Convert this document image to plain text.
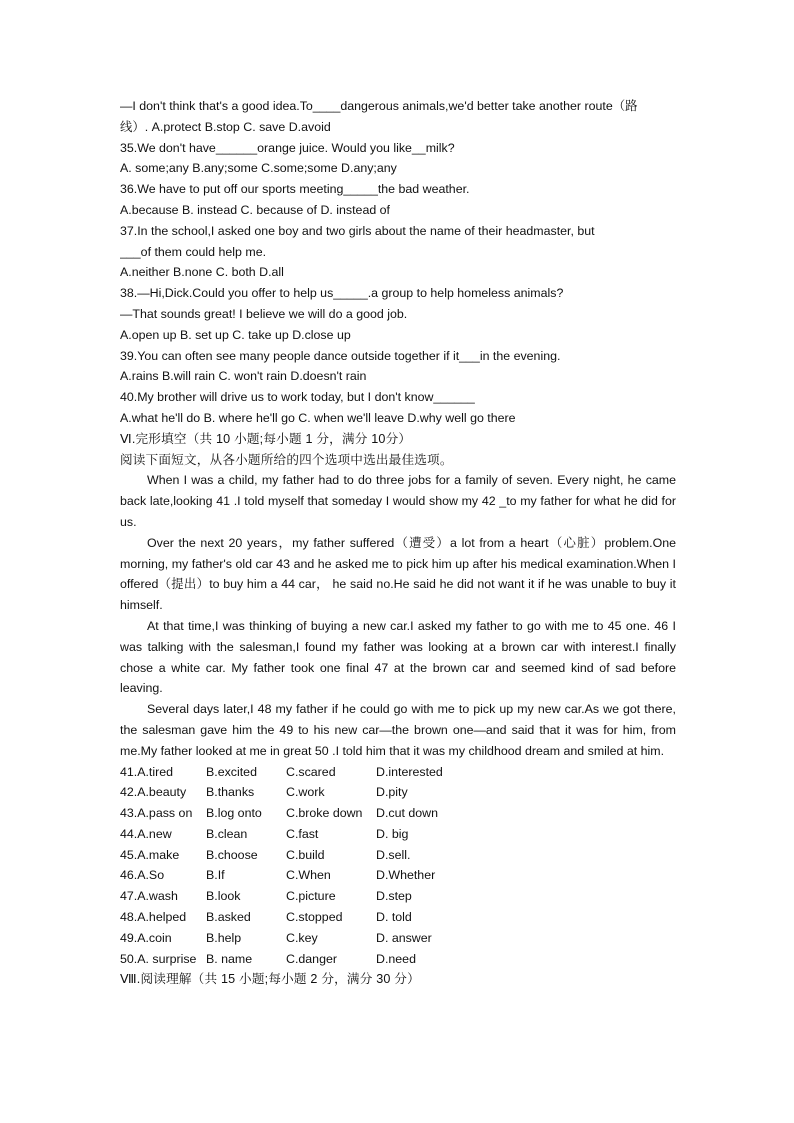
—I don't think that's a good idea.To____dangerous animals,we'd better take another route（路
线）. A.protect B.stop C. save D.avoid
35.We don't have______orange juice. Would you like__milk?
A. some;any B.any;some C.some;some D.any;any
36.We have to put off our sports meeting_____the bad weather.
A.because B. instead C. because of D. instead of
37.In the school,I asked one boy and two girls about the name of their headmaster, but
___of them could help me.
A.neither B.none C. both D.all
38.—Hi,Dick.Could you offer to help us_____.a group to help homeless animals?
—That sounds great! I believe we will do a good job.
A.open up B. set up C. take up D.close up
39.You can often see many people dance outside together if it___in the evening.
A.rains B.will rain C. won't rain D.doesn't rain
40.My brother will drive us to work today, but I don't know______
A.what he'll do B. where he'll go C. when we'll leave D.why well go there
Ⅵ.完形填空（共 10 小题;每小题 1 分，满分 10分）
阅读下面短文，从各小题所给的四个选项中选出最佳选项。
When I was a child, my father had to do three jobs for a family of seven. Every night, he came back late,looking 41 .I told myself that someday I would show my 42 _to my father for what he did for us.
Over the next 20 years，my father suffered（遭受）a lot from a heart（心脏）problem.One morning, my father's old car 43 and he asked me to pick him up after his medical examination.When I offered（提出）to buy him a 44 car， he said no.He said he did not want it if he was unable to buy it himself.
At that time,I was thinking of buying a new car.I asked my father to go with me to 45 one. 46 I was talking with the salesman,I found my father was looking at a brown car with interest.I finally chose a white car. My father took one final 47 at the brown car and seemed kind of sad before leaving.
Several days later,I 48 my father if he could go with me to pick up my new car.As we got there, the salesman gave him the 49 to his new car—the brown one—and said that it was for him, from me.My father looked at me in great 50 .I told him that it was my childhood dream and smiled at him.
41.A.tired	B.excited	C.scared	D.interested
42.A.beauty	B.thanks	C.work	D.pity
43.A.pass on	B.log onto	C.broke down	D.cut down
44.A.new	B.clean	C.fast	D. big
45.A.make	B.choose	C.build	D.sell.
46.A.So	B.If	C.When	D.Whether
47.A.wash	B.look	C.picture	D.step
48.A.helped	B.asked	C.stopped	D. told
49.A.coin	B.help	C.key	D. answer
50.A. surprise B. name	C.danger	D.need
Ⅷ.阅读理解（共 15 小题;每小题 2 分，满分 30 分）
